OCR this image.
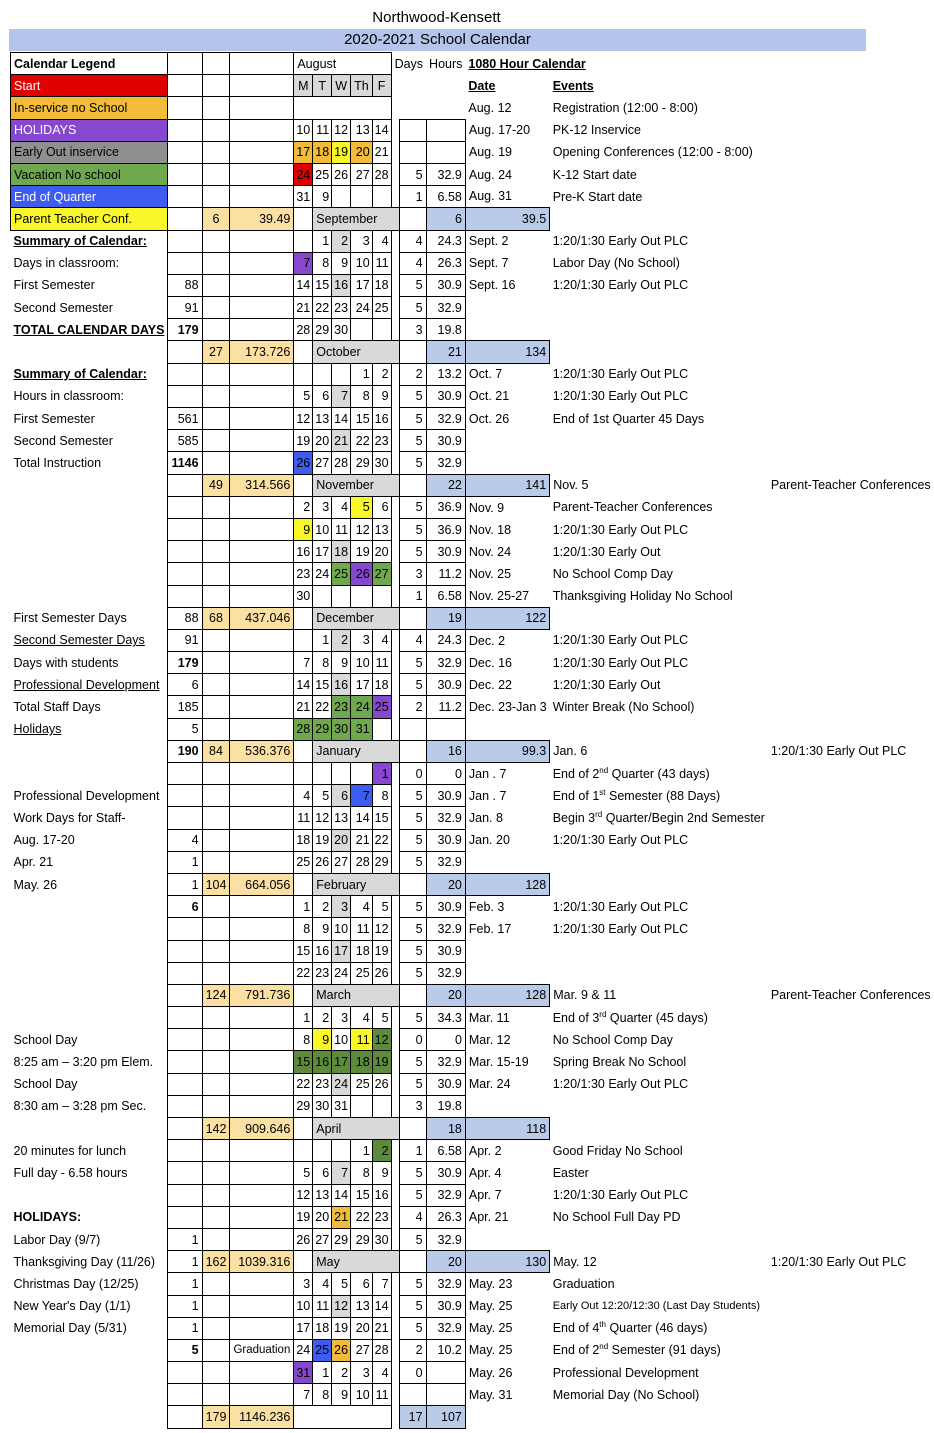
Northwood-Kensett
2020-2021 School Calendar
Calendar Legend				August					Days		Hours	1080 Hour Calendar		
Start				M	T	W	Th	F				Date	Events	
In-service no School												Aug. 12	Registration (12:00 - 8:00)	
HOLIDAYS				10	11	12	13	14				Aug. 17-20	PK-12 Inservice	
Early Out inservice				17	18	19	20	21				Aug. 19	Opening Conferences (12:00 - 8:00)	
Vacation No school				24	25	26	27	28		5	32.9	Aug. 24	K-12 Start date	
End of Quarter				31	9					1	6.58	Aug. 31	Pre-K Start date	
Parent Teacher Conf.		6	39.49		September						6	39.5		
Summary of Calendar:					1	2	3	4		4	24.3	Sept. 2	1:20/1:30 Early Out PLC	
Days in classroom:				7	8	9	10	11		4	26.3	Sept. 7	Labor Day (No School)	
First Semester	88			14	15	16	17	18		5	30.9	Sept. 16	1:20/1:30 Early Out PLC	
Second Semester	91			21	22	23	24	25		5	32.9			
TOTAL CALENDAR DAYS	179			28	29	30				3	19.8			
		27	173.726		October						21	134		
Summary of Calendar:							1	2		2	13.2	Oct. 7	1:20/1:30 Early Out PLC	
Hours in classroom:				5	6	7	8	9		5	30.9	Oct. 21	1:20/1:30 Early Out PLC	
First Semester	561			12	13	14	15	16		5	32.9	Oct. 26	End of 1st Quarter 45 Days	
Second Semester	585			19	20	21	22	23		5	30.9			
Total Instruction	1146			26	27	28	29	30		5	32.9			
		49	314.566		November						22	141	Nov. 5	Parent-Teacher Conferences
				2	3	4	5	6		5	36.9	Nov. 9	Parent-Teacher Conferences	
				9	10	11	12	13		5	36.9	Nov. 18	1:20/1:30 Early Out PLC	
				16	17	18	19	20		5	30.9	Nov. 24	1:20/1:30 Early Out	
				23	24	25	26	27		3	11.2	Nov. 25	No School Comp Day	
				30						1	6.58	Nov. 25-27	Thanksgiving Holiday No School	
First Semester Days	88	68	437.046		December						19	122		
Second Semester Days	91				1	2	3	4		4	24.3	Dec. 2	1:20/1:30 Early Out PLC	
Days with students	179			7	8	9	10	11		5	32.9	Dec. 16	1:20/1:30 Early Out PLC	
Professional Development	6			14	15	16	17	18		5	30.9	Dec. 22	1:20/1:30 Early Out	
Total Staff Days	185			21	22	23	24	25		2	11.2	Dec. 23-Jan 3	Winter Break (No School)	
Holidays	5			28	29	30	31							
	190	84	536.376		January						16	99.3	Jan. 6	1:20/1:30 Early Out PLC
								1		0	0	Jan . 7	End of 2nd Quarter (43 days)	
Professional Development				4	5	6	7	8		5	30.9	Jan . 7	End of 1st Semester (88 Days)	
Work Days for Staff-				11	12	13	14	15		5	32.9	Jan. 8	Begin 3rd Quarter/Begin 2nd Semester	
Aug. 17-20	4			18	19	20	21	22		5	30.9	Jan. 20	1:20/1:30 Early Out PLC	
Apr. 21	1			25	26	27	28	29		5	32.9			
May. 26	1	104	664.056		February						20	128		
	6			1	2	3	4	5		5	30.9	Feb. 3	1:20/1:30 Early Out PLC	
				8	9	10	11	12		5	32.9	Feb. 17	1:20/1:30 Early Out PLC	
				15	16	17	18	19		5	30.9			
				22	23	24	25	26		5	32.9			
		124	791.736		March						20	128	Mar. 9 & 11	Parent-Teacher Conferences
				1	2	3	4	5		5	34.3	Mar. 11	End of 3rd Quarter (45 days)	
School Day				8	9	10	11	12		0	0	Mar. 12	No School Comp Day	
8:25 am – 3:20 pm Elem.				15	16	17	18	19		5	32.9	Mar. 15-19	Spring Break No School	
School Day				22	23	24	25	26		5	30.9	Mar. 24	1:20/1:30 Early Out PLC	
8:30 am – 3:28 pm Sec.				29	30	31				3	19.8			
		142	909.646		April						18	118		
20 minutes for lunch							1	2		1	6.58	Apr. 2	Good Friday No School	
Full day - 6.58 hours				5	6	7	8	9		5	30.9	Apr. 4	Easter	
				12	13	14	15	16		5	32.9	Apr. 7	1:20/1:30 Early Out PLC	
HOLIDAYS:				19	20	21	22	23		4	26.3	Apr. 21	No School Full Day PD	
Labor Day (9/7)	1			26	27	29	29	30		5	32.9			
Thanksgiving Day (11/26)	1	162	1039.316		May						20	130	May. 12	1:20/1:30 Early Out PLC
Christmas Day (12/25)	1			3	4	5	6	7		5	32.9	May. 23	Graduation	
New Year's Day (1/1)	1			10	11	12	13	14		5	30.9	May. 25	Early Out 12:20/12:30 (Last Day Students)	
Memorial Day (5/31)	1			17	18	19	20	21		5	32.9	May. 25	End of 4th Quarter (46 days)	
	5		Graduation	24	25	26	27	28		2	10.2	May. 25	End of 2nd Semester (91 days)	
				31	1	2	3	4		0		May. 26	Professional Development	
				7	8	9	10	11				May. 31	Memorial Day (No School)	
		179	1146.236							17	107			
